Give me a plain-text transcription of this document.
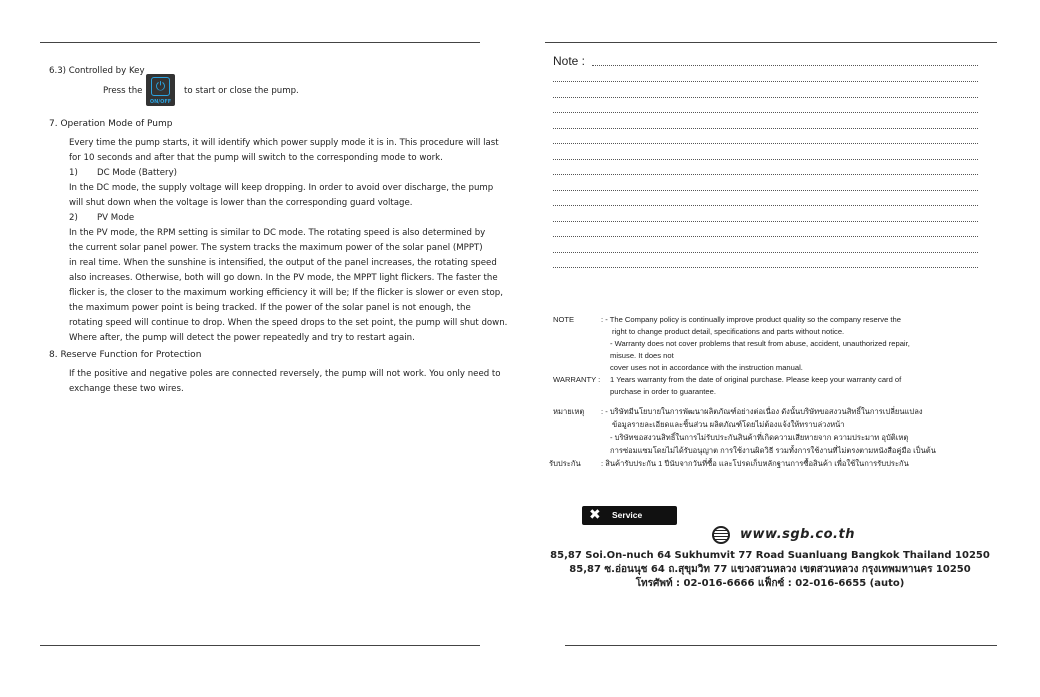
6.3) Controlled by Key
Press the	⏻
ON/OFF
to start or close the pump.
7. Operation Mode of Pump
Every time the pump starts, it will identify which power supply mode it is in. This procedure will last
for 10 seconds and after that the pump will switch to the corresponding mode to work.
1) DC Mode (Battery)
In the DC mode, the supply voltage will keep dropping. In order to avoid over discharge, the pump
will shut down when the voltage is lower than the corresponding guard voltage.
2) PV Mode
In the PV mode, the RPM setting is similar to DC mode. The rotating speed is also determined by
the current solar panel power. The system tracks the maximum power of the solar panel (MPPT)
in real time. When the sunshine is intensified, the output of the panel increases, the rotating speed
also increases. Otherwise, both will go down. In the PV mode, the MPPT light flickers. The faster the
flicker is, the closer to the maximum working efficiency it will be; If the flicker is slower or even stop,
the maximum power point is being tracked. If the power of the solar panel is not enough, the
rotating speed will continue to drop. When the speed drops to the set point, the pump will shut down.
Where after, the pump will detect the power repeatedly and try to restart again.
8. Reserve Function for Protection
If the positive and negative poles are connected reversely, the pump will not work. You only need to
exchange these two wires.
Note :
NOTE	: - The Company policy is continually improve product quality so the company reserve the
right to change product detail, specifications and parts without notice.
- Warranty does not cover problems that result from abuse, accident, unauthorized repair,
misuse. It does not
cover uses not in accordance with the instruction manual.
WARRANTY : 1 Years warranty from the date of original purchase. Please keep your warranty card of
purchase in order to guarantee.
หมายเหตุ : - บริษัทมีนโยบายในการพัฒนาผลิตภัณฑ์อย่างต่อเนื่อง ดังนั้นบริษัทขอสงวนสิทธิ์ในการเปลี่ยนแปลง
ข้อมูลรายละเอียดและชิ้นส่วน ผลิตภัณฑ์โดยไม่ต้องแจ้งให้ทราบล่วงหน้า
- บริษัทขอสงวนสิทธิ์ในการไม่รับประกันสินค้าที่เกิดความเสียหายจาก ความประมาท อุบัติเหตุ
การซ่อมแซมโดยไม่ได้รับอนุญาต การใช้งานผิดวิธี รวมทั้งการใช้งานที่ไม่ตรงตามหนังสือคู่มือ เป็นต้น
รับประกัน	: สินค้ารับประกัน 1 ปีนับจากวันที่ซื้อ และโปรดเก็บหลักฐานการซื้อสินค้า เพื่อใช้ในการรับประกัน
✖ Service
www.sgb.co.th
85,87 Soi.On-nuch 64 Sukhumvit 77 Road Suanluang Bangkok Thailand 10250
85,87 ซ.อ่อนนุช 64 ถ.สุขุมวิท 77 แขวงสวนหลวง เขตสวนหลวง กรุงเทพมหานคร 10250
โทรศัพท์ : 02-016-6666 แฟ็กซ์ : 02-016-6655 (auto)
